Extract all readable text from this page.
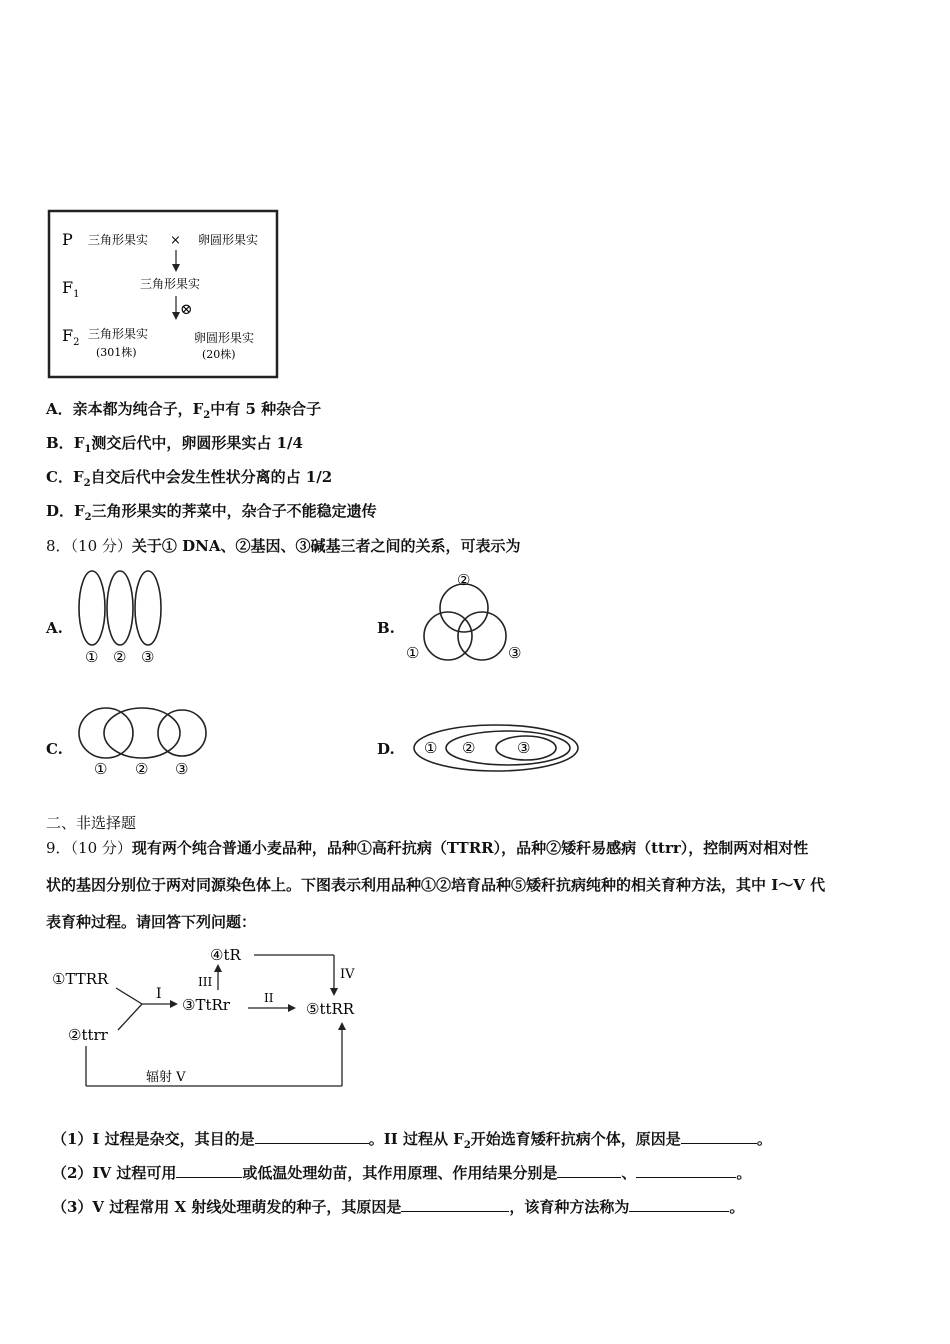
P 三角形果实 × 卵圆形果实
$F_1$
三角形果实
⊗
$F_2$
三角形果实
(301株)
卵圆形果实
(20株)
A．亲本都为纯合子，$F_2$中有 5 种杂合子
B．$F_1$测交后代中，卵圆形果实占 1/4
C．$F_2$自交后代中会发生性状分离的占 1/2
D．$F_2$三角形果实的荠菜中，杂合子不能稳定遗传
8．（10 分）关于① DNA、②基因、③碱基三者之间的关系，可表示为
A.	B.
C.	D.
① ② ③
②
①	③
① ② ③
① ②	③
二、非选择题
9．（10 分）现有两个纯合普通小麦品种，品种①高秆抗病（TTRR），品种②矮秆易感病（ttrr），控制两对相对性
状的基因分别位于两对同源染色体上。下图表示利用品种①②培育品种⑤矮秆抗病纯种的相关育种方法，其中 I～V 代
表育种过程。请回答下列问题：
①TTRR
②ttrr
I
③TtRr
III
④tR
IV
II
⑤ttRR
辐射 V
（1）I 过程是杂交，其目的是	。II 过程从 $F_2$开始选育矮秆抗病个体，原因是	。
（2）IV 过程可用	或低温处理幼苗，其作用原理、作用结果分别是	、	。
（3）V 过程常用 X 射线处理萌发的种子，其原因是	，该育种方法称为	。
